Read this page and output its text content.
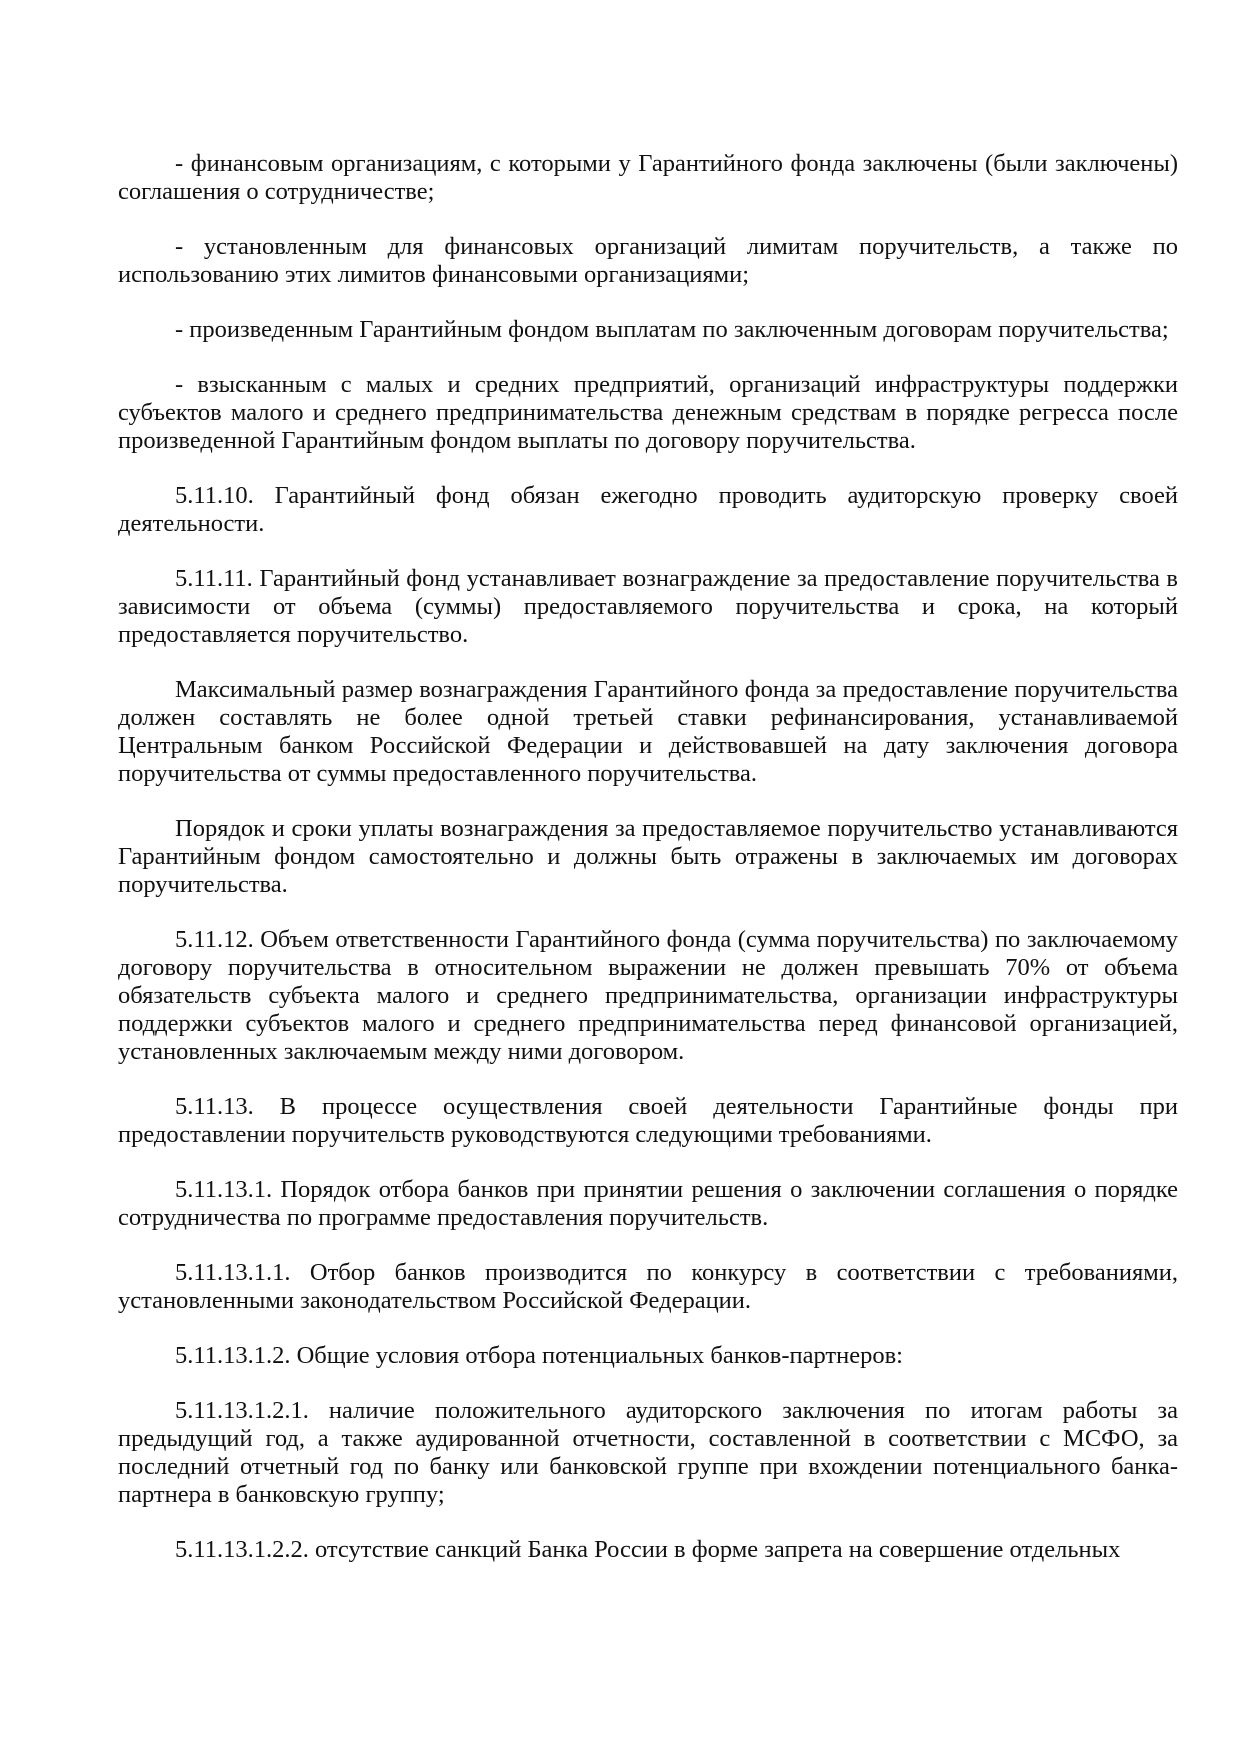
- финансовым организациям, с которыми у Гарантийного фонда заключены (были заключены) соглашения о сотрудничестве;

- установленным для финансовых организаций лимитам поручительств, а также по использованию этих лимитов финансовыми организациями;

- произведенным Гарантийным фондом выплатам по заключенным договорам поручительства;

- взысканным с малых и средних предприятий, организаций инфраструктуры поддержки субъектов малого и среднего предпринимательства денежным средствам в порядке регресса после произведенной Гарантийным фондом выплаты по договору поручительства.

5.11.10. Гарантийный фонд обязан ежегодно проводить аудиторскую проверку своей деятельности.

5.11.11. Гарантийный фонд устанавливает вознаграждение за предоставление поручительства в зависимости от объема (суммы) предоставляемого поручительства и срока, на который предоставляется поручительство.

Максимальный размер вознаграждения Гарантийного фонда за предоставление поручительства должен составлять не более одной третьей ставки рефинансирования, устанавливаемой Центральным банком Российской Федерации и действовавшей на дату заключения договора поручительства от суммы предоставленного поручительства.

Порядок и сроки уплаты вознаграждения за предоставляемое поручительство устанавливаются Гарантийным фондом самостоятельно и должны быть отражены в заключаемых им договорах поручительства.

5.11.12. Объем ответственности Гарантийного фонда (сумма поручительства) по заключаемому договору поручительства в относительном выражении не должен превышать 70% от объема обязательств субъекта малого и среднего предпринимательства, организации инфраструктуры поддержки субъектов малого и среднего предпринимательства перед финансовой организацией, установленных заключаемым между ними договором.

5.11.13. В процессе осуществления своей деятельности Гарантийные фонды при предоставлении поручительств руководствуются следующими требованиями.

5.11.13.1. Порядок отбора банков при принятии решения о заключении соглашения о порядке сотрудничества по программе предоставления поручительств.

5.11.13.1.1. Отбор банков производится по конкурсу в соответствии с требованиями, установленными законодательством Российской Федерации.

5.11.13.1.2. Общие условия отбора потенциальных банков-партнеров:

5.11.13.1.2.1. наличие положительного аудиторского заключения по итогам работы за предыдущий год, а также аудированной отчетности, составленной в соответствии с МСФО, за последний отчетный год по банку или банковской группе при вхождении потенциального банка-партнера в банковскую группу;

5.11.13.1.2.2. отсутствие санкций Банка России в форме запрета на совершение отдельных
